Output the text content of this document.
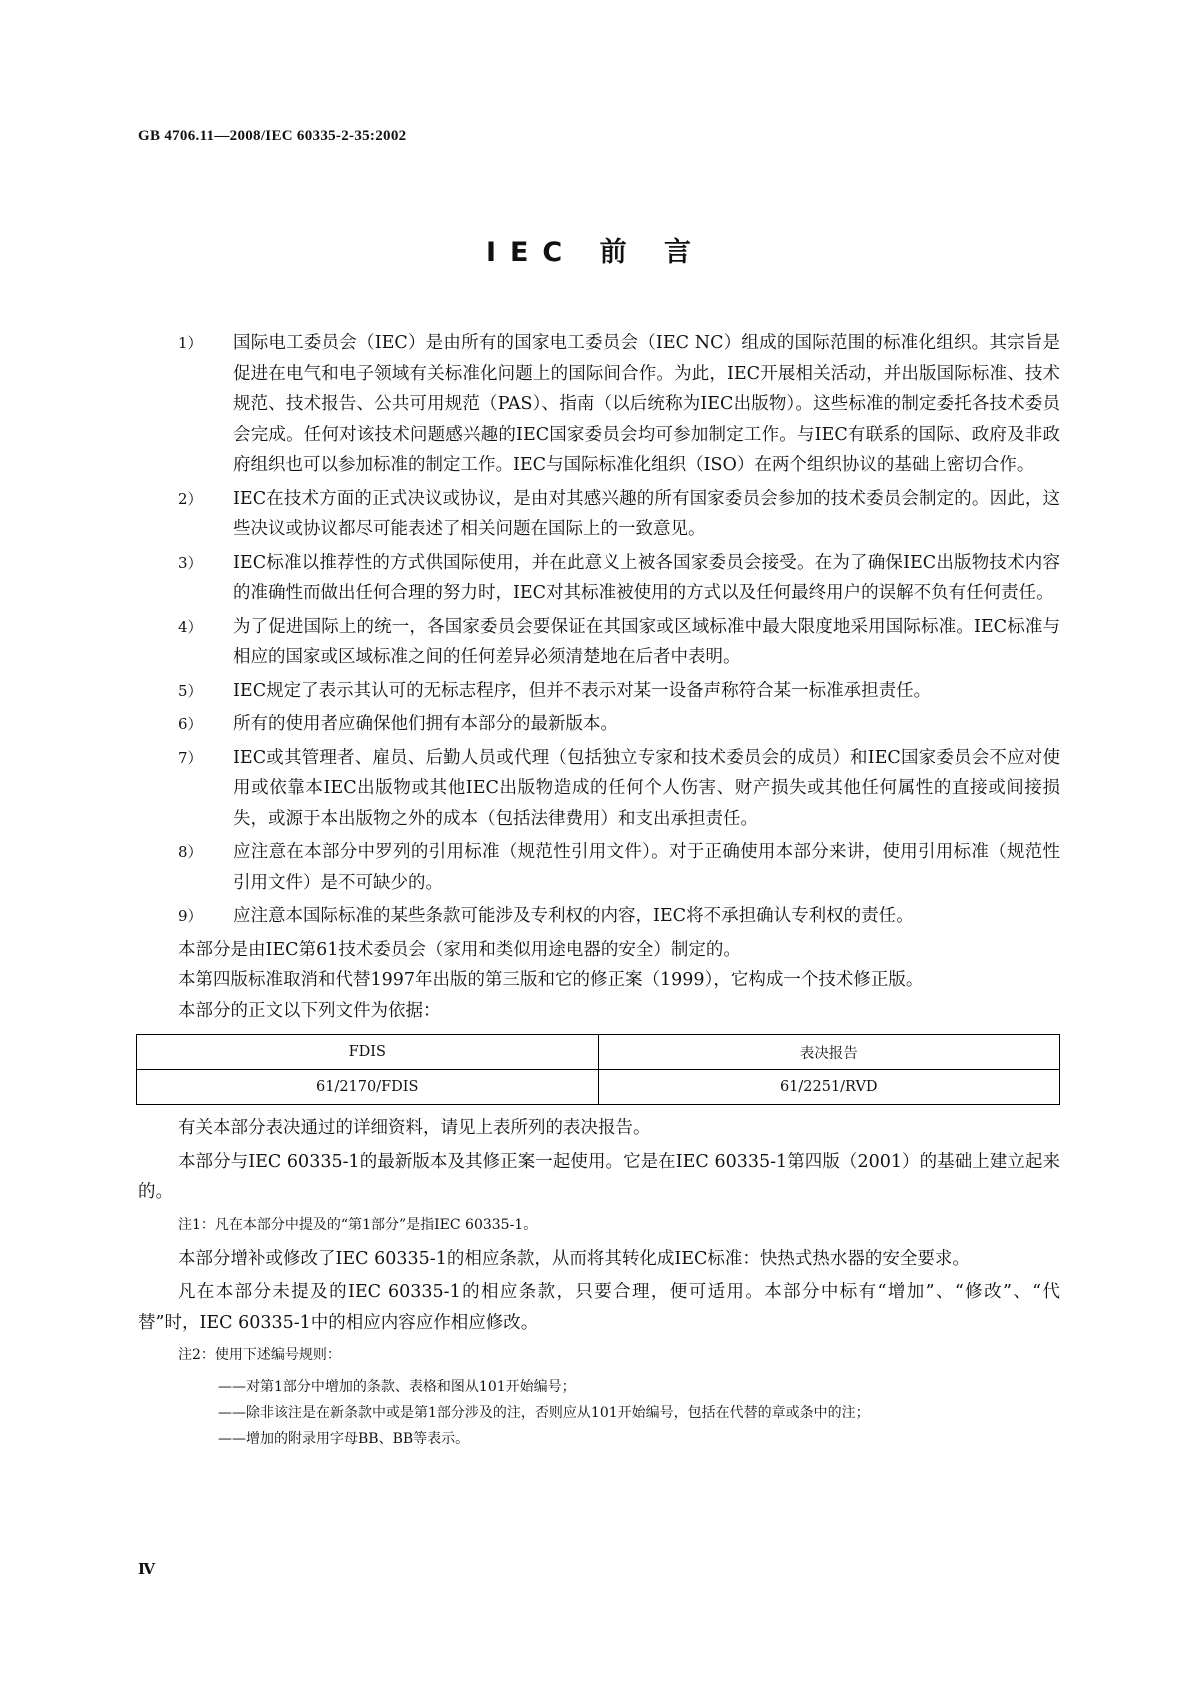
GB 4706.11—2008/IEC 60335-2-35:2002
IEC 前 言
1）	国际电工委员会（IEC）是由所有的国家电工委员会（IEC NC）组成的国际范围的标准化组织。其宗旨是促进在电气和电子领域有关标准化问题上的国际间合作。为此，IEC开展相关活动，并出版国际标准、技术规范、技术报告、公共可用规范（PAS）、指南（以后统称为IEC出版物）。这些标准的制定委托各技术委员会完成。任何对该技术问题感兴趣的IEC国家委员会均可参加制定工作。与IEC有联系的国际、政府及非政府组织也可以参加标准的制定工作。IEC与国际标准化组织（ISO）在两个组织协议的基础上密切合作。
2）	IEC在技术方面的正式决议或协议，是由对其感兴趣的所有国家委员会参加的技术委员会制定的。因此，这些决议或协议都尽可能表述了相关问题在国际上的一致意见。
3）	IEC标准以推荐性的方式供国际使用，并在此意义上被各国家委员会接受。在为了确保IEC出版物技术内容的准确性而做出任何合理的努力时，IEC对其标准被使用的方式以及任何最终用户的误解不负有任何责任。
4）	为了促进国际上的统一，各国家委员会要保证在其国家或区域标准中最大限度地采用国际标准。IEC标准与相应的国家或区域标准之间的任何差异必须清楚地在后者中表明。
5）	IEC规定了表示其认可的无标志程序，但并不表示对某一设备声称符合某一标准承担责任。
6）	所有的使用者应确保他们拥有本部分的最新版本。
7）	IEC或其管理者、雇员、后勤人员或代理（包括独立专家和技术委员会的成员）和IEC国家委员会不应对使用或依靠本IEC出版物或其他IEC出版物造成的任何个人伤害、财产损失或其他任何属性的直接或间接损失，或源于本出版物之外的成本（包括法律费用）和支出承担责任。
8）	应注意在本部分中罗列的引用标准（规范性引用文件）。对于正确使用本部分来讲，使用引用标准（规范性引用文件）是不可缺少的。
9）	应注意本国际标准的某些条款可能涉及专利权的内容，IEC将不承担确认专利权的责任。
本部分是由IEC第61技术委员会（家用和类似用途电器的安全）制定的。
本第四版标准取消和代替1997年出版的第三版和它的修正案（1999），它构成一个技术修正版。
本部分的正文以下列文件为依据：
FDIS	表决报告
61/2170/FDIS	61/2251/RVD
有关本部分表决通过的详细资料，请见上表所列的表决报告。
本部分与IEC 60335-1的最新版本及其修正案一起使用。它是在IEC 60335-1第四版（2001）的基础上建立起来的。
注1：凡在本部分中提及的“第1部分”是指IEC 60335-1。
本部分增补或修改了IEC 60335-1的相应条款，从而将其转化成IEC标准：快热式热水器的安全要求。
凡在本部分未提及的IEC 60335-1的相应条款，只要合理，便可适用。本部分中标有“增加”、“修改”、“代替”时，IEC 60335-1中的相应内容应作相应修改。
注2：使用下述编号规则：
——对第1部分中增加的条款、表格和图从101开始编号；
——除非该注是在新条款中或是第1部分涉及的注，否则应从101开始编号，包括在代替的章或条中的注；
——增加的附录用字母BB、BB等表示。
Ⅳ
